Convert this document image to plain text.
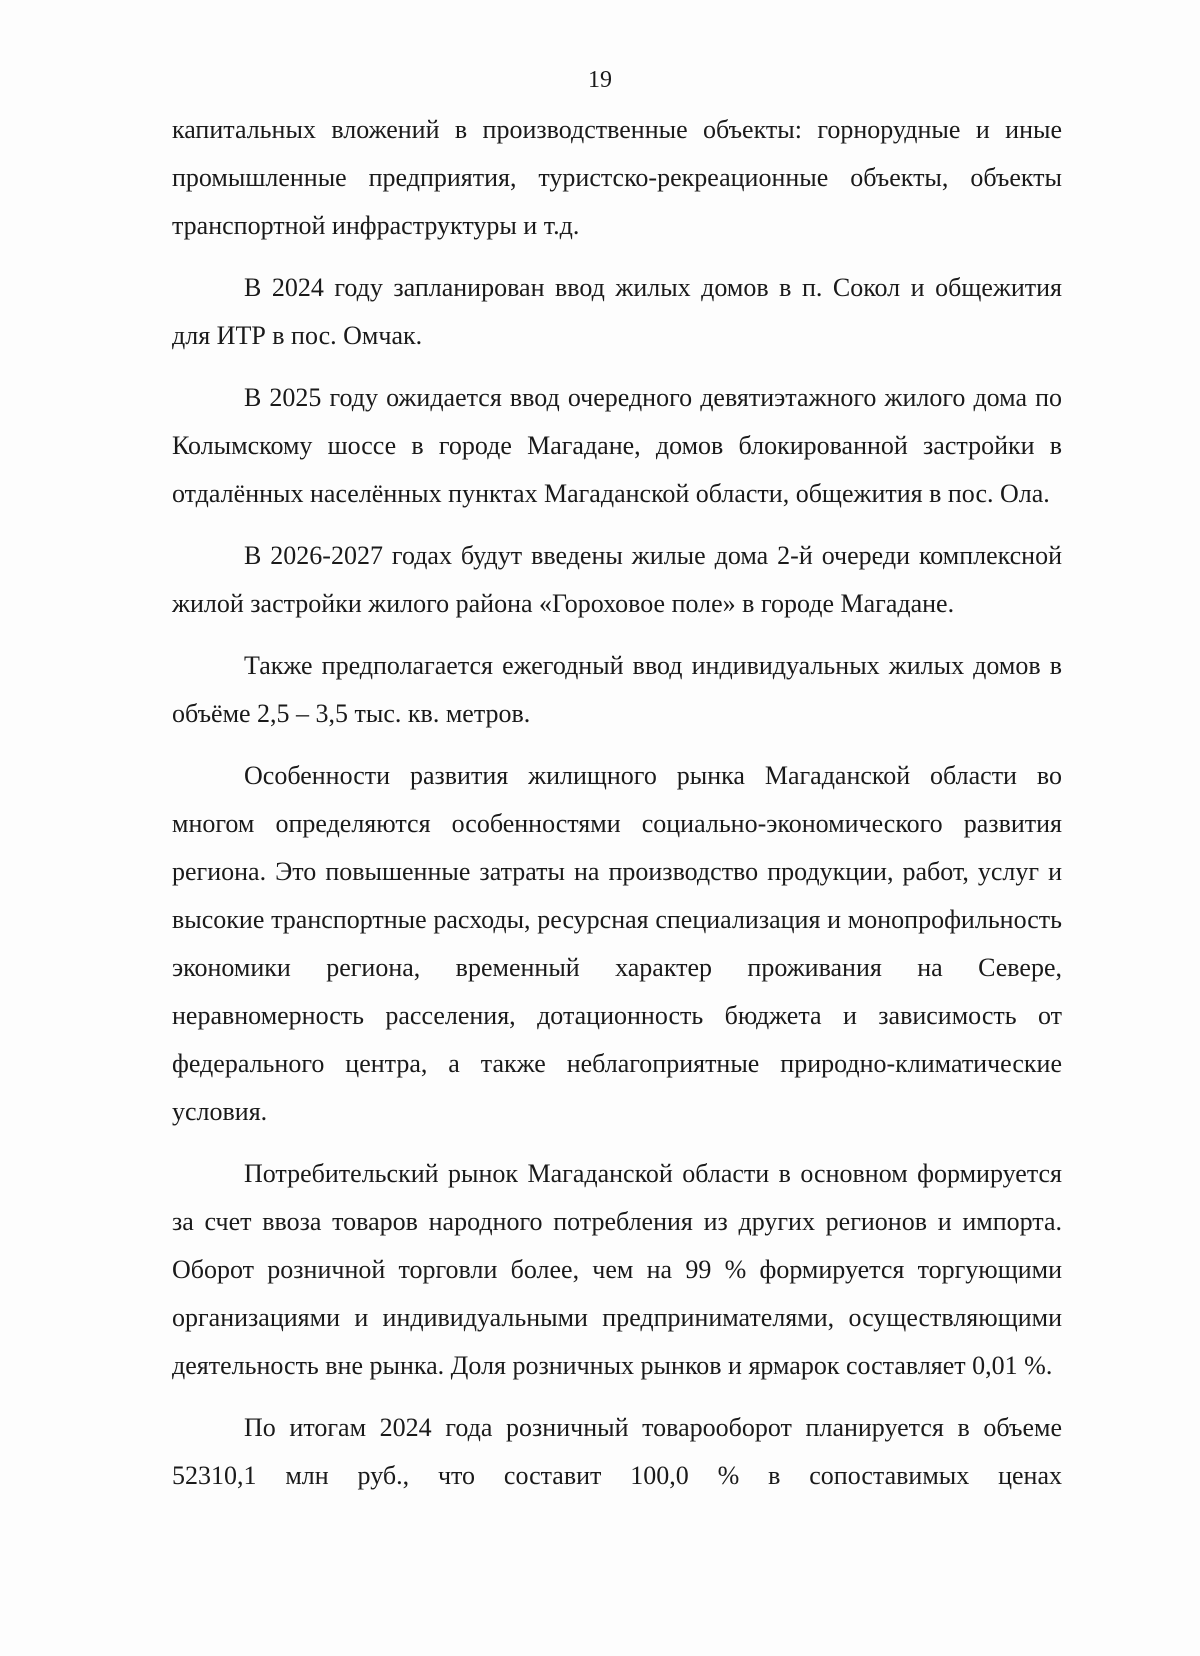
19

капитальных вложений в производственные объекты: горнорудные и иные промышленные предприятия, туристско-рекреационные объекты, объекты транспортной инфраструктуры и т.д.

В 2024 году запланирован ввод жилых домов в п. Сокол и общежития для ИТР в пос. Омчак.

В 2025 году ожидается ввод очередного девятиэтажного жилого дома по Колымскому шоссе в городе Магадане, домов блокированной застройки в отдалённых населённых пунктах Магаданской области, общежития в пос. Ола.

В 2026-2027 годах будут введены жилые дома 2-й очереди комплексной жилой застройки жилого района «Гороховое поле» в городе Магадане.

Также предполагается ежегодный ввод индивидуальных жилых домов в объёме 2,5 – 3,5 тыс. кв. метров.

Особенности развития жилищного рынка Магаданской области во многом определяются особенностями социально-экономического развития региона. Это повышенные затраты на производство продукции, работ, услуг и высокие транспортные расходы, ресурсная специализация и монопрофильность экономики региона, временный характер проживания на Севере, неравномерность расселения, дотационность бюджета и зависимость от федерального центра, а также неблагоприятные природно-климатические условия.

Потребительский рынок Магаданской области в основном формируется за счет ввоза товаров народного потребления из других регионов и импорта. Оборот розничной торговли более, чем на 99 % формируется торгующими организациями и индивидуальными предпринимателями, осуществляющими деятельность вне рынка. Доля розничных рынков и ярмарок составляет 0,01 %.

По итогам 2024 года розничный товарооборот планируется в объеме 52310,1 млн руб., что составит 100,0 % в сопоставимых ценах
